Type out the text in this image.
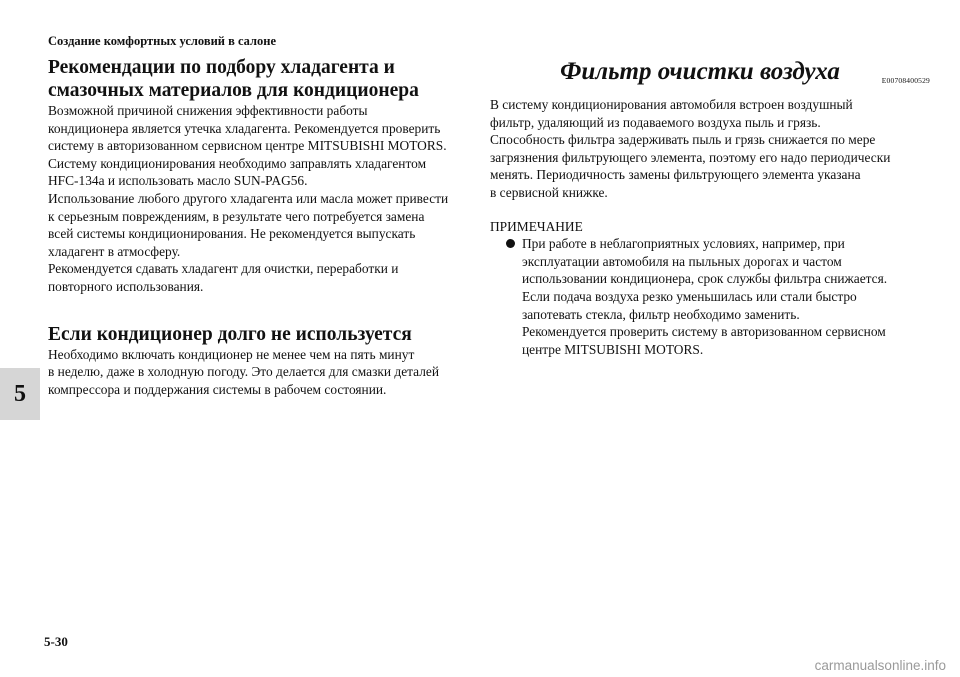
Создание комфортных условий в салоне
5
Рекомендации по подбору хладагента и
смазочных материалов для кондиционера
Возможной причиной снижения эффективности работы
кондиционера является утечка хладагента. Рекомендуется проверить
систему в авторизованном сервисном центре MITSUBISHI MOTORS.
Систему кондиционирования необходимо заправлять хладагентом
HFC-134a и использовать масло SUN-PAG56.
Использование любого другого хладагента или масла может привести
к серьезным повреждениям, в результате чего потребуется замена
всей системы кондиционирования. Не рекомендуется выпускать
хладагент в атмосферу.
Рекомендуется сдавать хладагент для очистки, переработки и
повторного использования.
Если кондиционер долго не используется
Необходимо включать кондиционер не менее чем на пять минут
в неделю, даже в холодную погоду. Это делается для смазки деталей
компрессора и поддержания системы в рабочем состоянии.
Фильтр очистки воздуха	E00708400529
В систему кондиционирования автомобиля встроен воздушный
фильтр, удаляющий из подаваемого воздуха пыль и грязь.
Способность фильтра задерживать пыль и грязь снижается по мере
загрязнения фильтрующего элемента, поэтому его надо периодически
менять. Периодичность замены фильтрующего элемента указана
в сервисной книжке.
ПРИМЕЧАНИЕ
При работе в неблагоприятных условиях, например, при
эксплуатации автомобиля на пыльных дорогах и частом
использовании кондиционера, срок службы фильтра снижается.
Если подача воздуха резко уменьшилась или стали быстро
запотевать стекла, фильтр необходимо заменить.
Рекомендуется проверить систему в авторизованном сервисном
центре MITSUBISHI MOTORS.
5-30
carmanualsonline.info
